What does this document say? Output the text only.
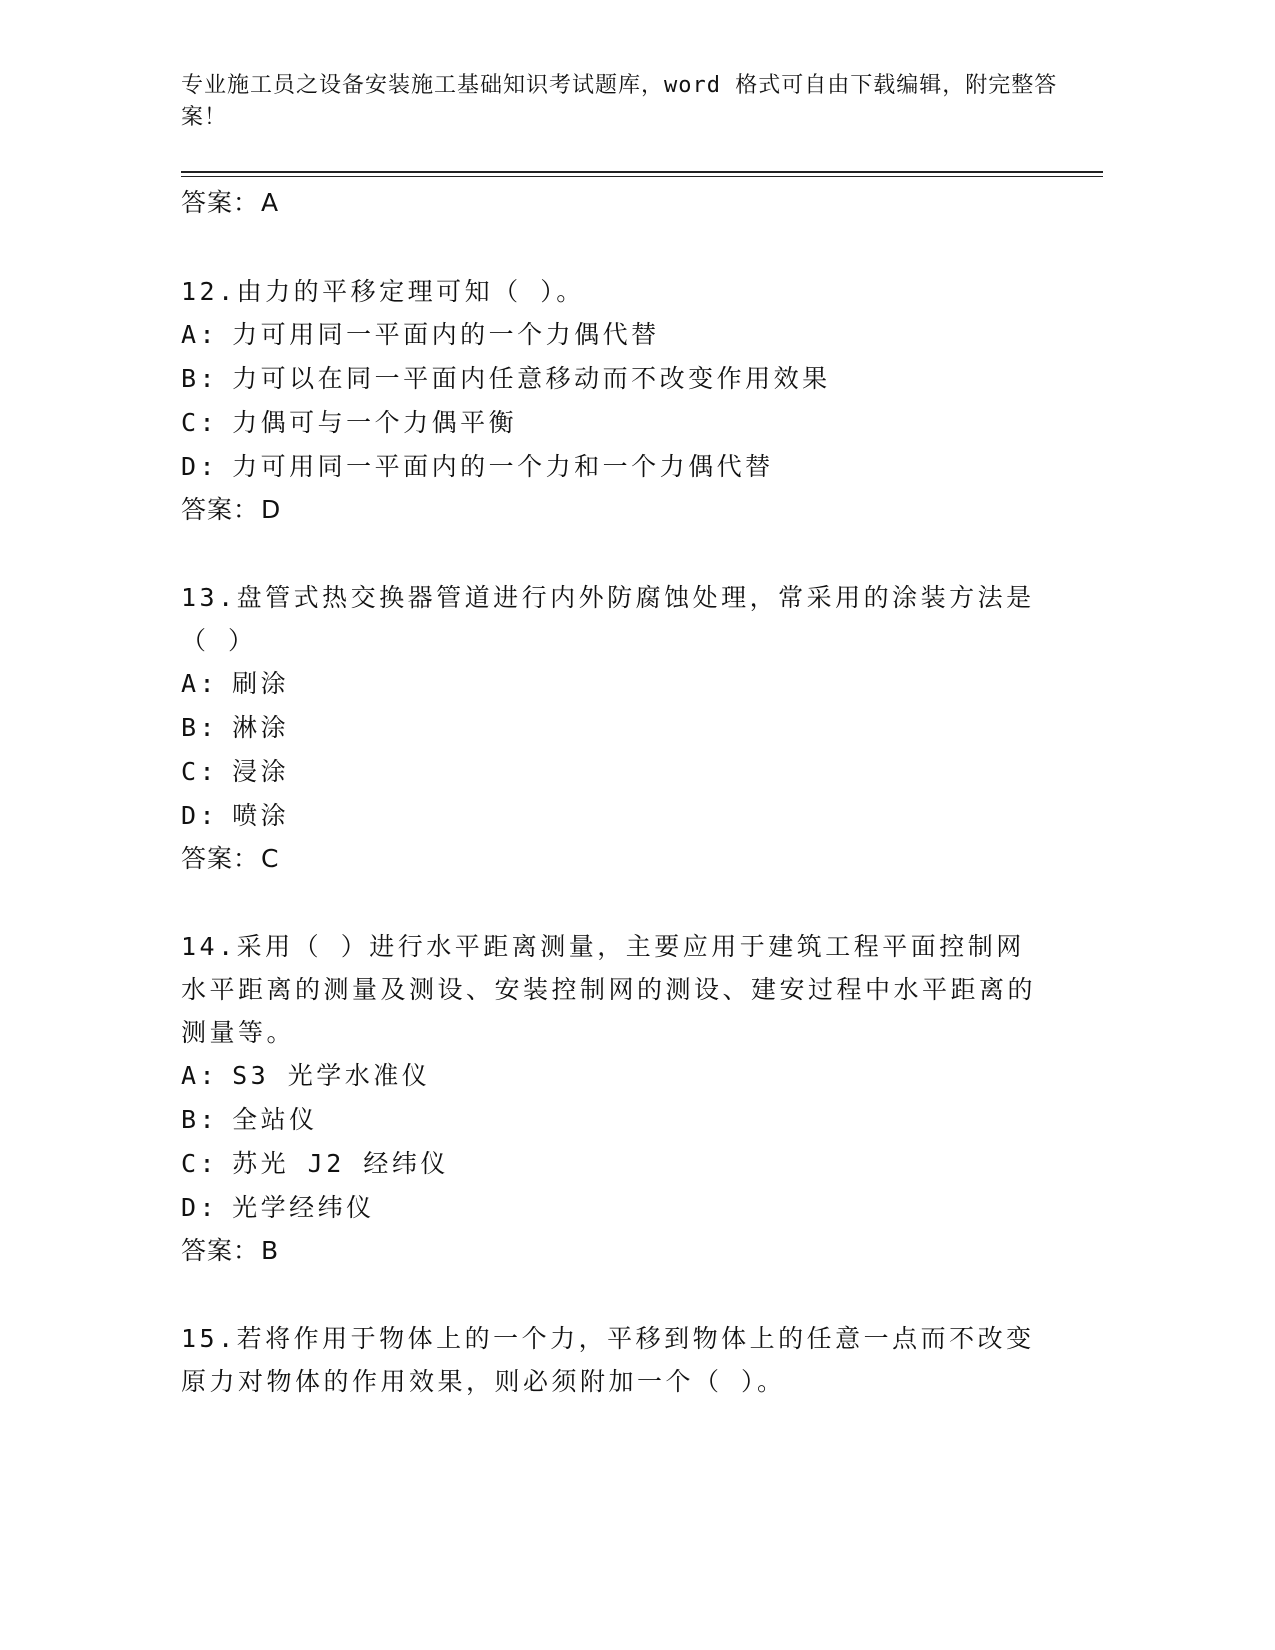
专业施工员之设备安装施工基础知识考试题库，word 格式可自由下载编辑，附完整答案！
答案：A
12.由力的平移定理可知（ ）。
A: 力可用同一平面内的一个力偶代替
B: 力可以在同一平面内任意移动而不改变作用效果
C: 力偶可与一个力偶平衡
D: 力可用同一平面内的一个力和一个力偶代替
答案：D
13.盘管式热交换器管道进行内外防腐蚀处理，常采用的涂装方法是（ ）
A: 刷涂
B: 淋涂
C: 浸涂
D: 喷涂
答案：C
14.采用（ ）进行水平距离测量，主要应用于建筑工程平面控制网水平距离的测量及测设、安装控制网的测设、建安过程中水平距离的测量等。
A: S3 光学水准仪
B: 全站仪
C: 苏光 J2 经纬仪
D: 光学经纬仪
答案：B
15.若将作用于物体上的一个力，平移到物体上的任意一点而不改变原力对物体的作用效果，则必须附加一个（ ）。
